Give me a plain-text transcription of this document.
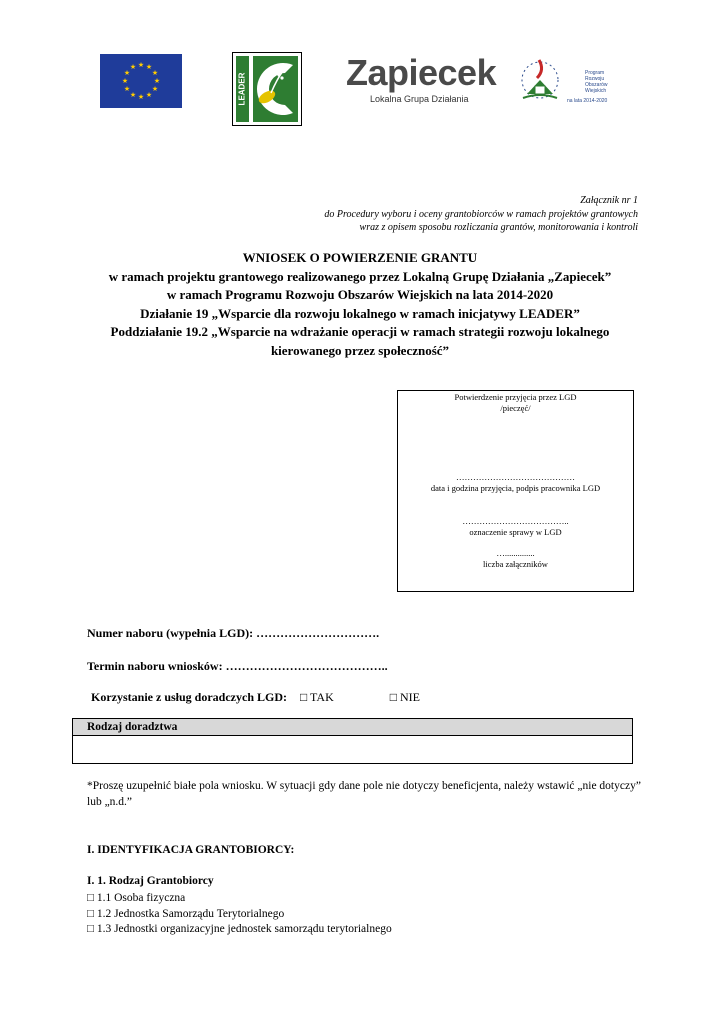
★ ★
★
★
★
★
★
★
★
★
★
★
LEADER	Zapiecek
Lokalna Grupa Działania
Program
Rozwoju
Obszarów
Wiejskich
na lata 2014-2020
Załącznik nr 1
do Procedury wyboru i oceny grantobiorców w ramach projektów grantowych
wraz z opisem sposobu rozliczania grantów, monitorowania i kontroli
WNIOSEK O POWIERZENIE GRANTU
w ramach projektu grantowego realizowanego przez Lokalną Grupę Działania „Zapiecek”
w ramach Programu Rozwoju Obszarów Wiejskich na lata 2014-2020
Działanie 19 „Wsparcie dla rozwoju lokalnego w ramach inicjatywy LEADER”
Poddziałanie 19.2 „Wsparcie na wdrażanie operacji w ramach strategii rozwoju lokalnego
kierowanego przez społeczność”
Potwierdzenie przyjęcia przez LGD
/pieczęć/
……………………………………
data i godzina przyjęcia, podpis pracownika LGD
………………………………..
oznaczenie sprawy w LGD
…..............
liczba załączników
Numer naboru (wypełnia LGD): ………………………….
Termin naboru wniosków: …………………………………..
Korzystanie z usług doradczych LGD: □ TAK	□ NIE
Rodzaj doradztwa
*Proszę uzupełnić białe pola wniosku. W sytuacji gdy dane pole nie dotyczy beneficjenta, należy wstawić „nie dotyczy” lub „n.d.”
I. IDENTYFIKACJA GRANTOBIORCY:
I. 1. Rodzaj Grantobiorcy
□ 1.1 Osoba fizyczna
□ 1.2 Jednostka Samorządu Terytorialnego
□ 1.3 Jednostki organizacyjne jednostek samorządu terytorialnego
